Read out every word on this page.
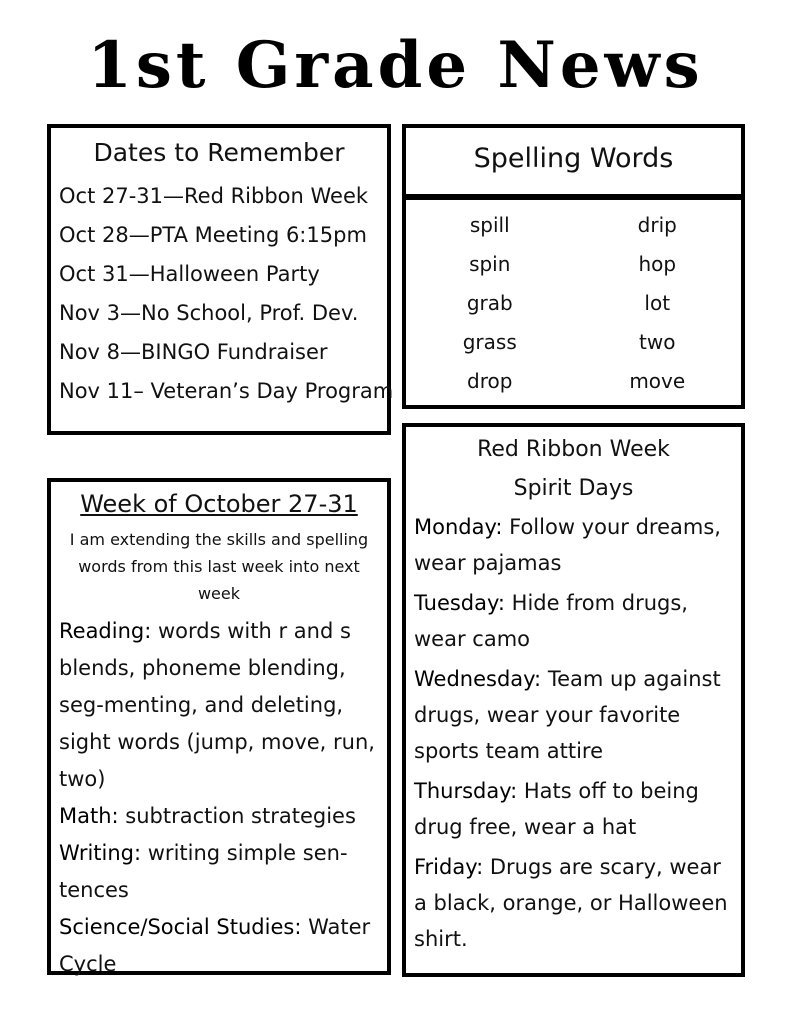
1st Grade News
Dates to Remember
Oct 27-31—Red Ribbon Week
Oct 28—PTA Meeting 6:15pm
Oct 31—Halloween Party
Nov 3—No School, Prof. Dev.
Nov 8—BINGO Fundraiser
Nov 11– Veteran’s Day Program
Spelling Words
spill	drip
spin	hop
grab	lot
grass	two
drop	move
Week of October 27-31
I am extending the skills and spelling words from this last week into next week

Reading: words with r and s blends, phoneme blending, seg-menting, and deleting, sight words (jump, move, run, two)

Math: subtraction strategies

Writing: writing simple sen-tences

Science/Social Studies: Water Cycle

Red Ribbon Week
Spirit Days

Monday: Follow your dreams, wear pajamas

Tuesday: Hide from drugs, wear camo

Wednesday: Team up against drugs, wear your favorite sports team attire

Thursday: Hats off to being drug free, wear a hat

Friday: Drugs are scary, wear a black, orange, or Halloween shirt.
